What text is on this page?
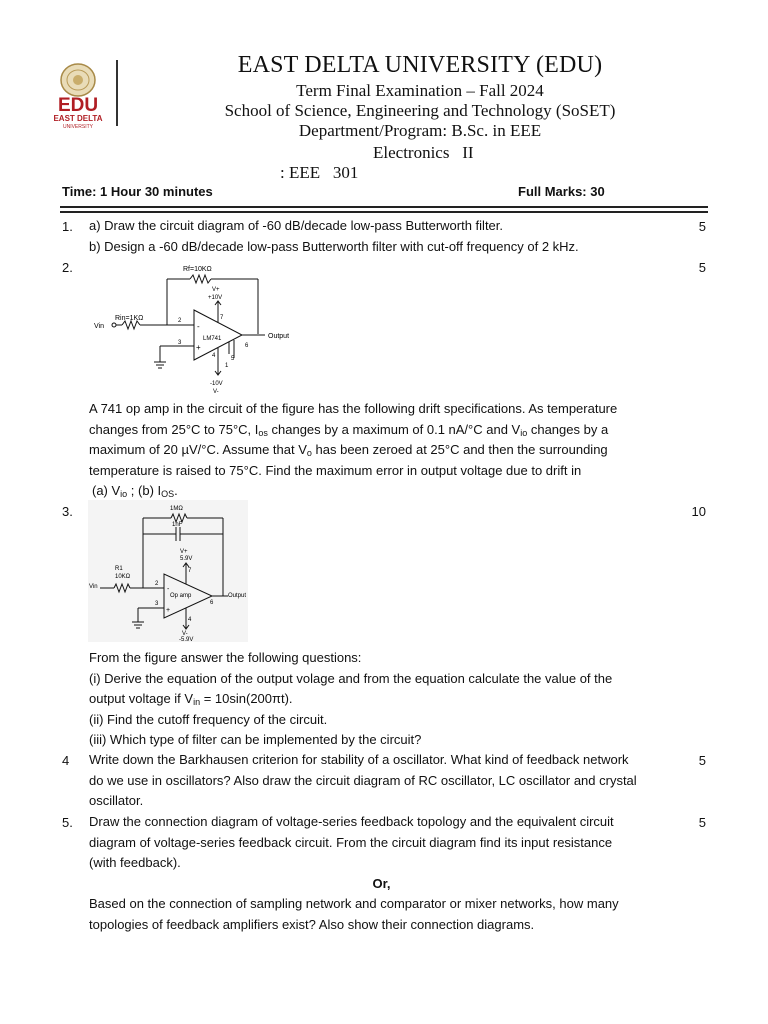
EDU
EAST DELTA
UNIVERSITY
EAST DELTA UNIVERSITY (EDU)
Term Final Examination – Fall 2024
School of Science, Engineering and Technology (SoSET)
Department/Program: B.Sc. in EEE
Electronics   II
: EEE   301
Time: 1 Hour 30 minutes	Full Marks: 30
1.	5

a) Draw the circuit diagram of -60 dB/decade low-pass Butterworth filter.

b) Design a -60 dB/decade low-pass Butterworth filter with cut-off frequency of 2 kHz.

2.	5
Rf=10KΩ
Rin=1KΩ
Vin
V+
+10V
-10V
V-
LM741	Output
2
3
4	5
6
7
1
-
+

A 741 op amp in the circuit of the figure has the following drift specifications. As temperature

changes from 25°C to 75°C, $I_{os}$ changes by a maximum of 0.1 nA/°C and $V_{io}$ changes by a

maximum of 20 µV/°C. Assume that $V_o$ has been zeroed at 25°C and then the surrounding

temperature is raised to 75°C. Find the maximum error in output voltage due to drift in

(a) $V_{io}$ ; (b) $I_{OS}$.

3.	10
1MΩ
1nF
R1
10KΩ
Vin
V+
5.9V
V-
-5.9V
Op amp	Output
2
3
4
6
7
-
+

From the figure answer the following questions:

(i) Derive the equation of the output volage and from the equation calculate the value of the

output voltage if $V_{in} = 10\sin(200\pi t)$.

(ii) Find the cutoff frequency of the circuit.

(iii) Which type of filter can be implemented by the circuit?

4	5

Write down the Barkhausen criterion for stability of a oscillator. What kind of feedback network

do we use in oscillators? Also draw the circuit diagram of RC oscillator, LC oscillator and crystal

oscillator.

5.	5

Draw the connection diagram of voltage-series feedback topology and the equivalent circuit

diagram of voltage-series feedback circuit. From the circuit diagram find its input resistance

(with feedback).

Or,

Based on the connection of sampling network and comparator or mixer networks, how many

topologies of feedback amplifiers exist? Also show their connection diagrams.
